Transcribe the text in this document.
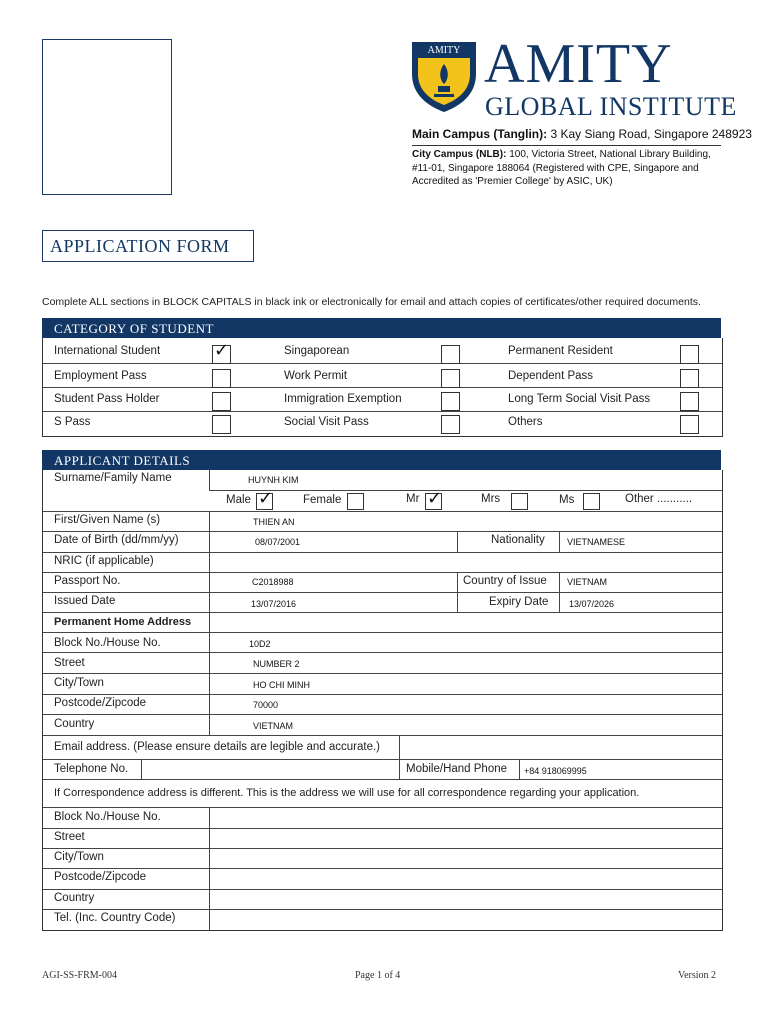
AMITY AMITY
GLOBAL INSTITUTE
Main Campus (Tanglin): 3 Kay Siang Road, Singapore 248923
City Campus (NLB): 100, Victoria Street, National Library Building, #11-01, Singapore 188064 (Registered with CPE, Singapore and Accredited as 'Premier College' by ASIC, UK)
APPLICATION FORM
Complete ALL sections in BLOCK CAPITALS in black ink or electronically for email and attach copies of certificates/other required documents.
CATEGORY OF STUDENT
APPLICANT DETAILS
Surname/Family Name	HUYNH KIM
Male ✓	Female	Mr ✓	Mrs	Ms	Other ...........
First/Given Name (s)	THIEN AN
Date of Birth (dd/mm/yy)	08/07/2001	Nationality VIETNAMESE
NRIC (if applicable)
Passport No.	C2018988	Country of Issue VIETNAM
Issued Date	13/07/2016	Expiry Date 13/07/2026
Permanent Home Address
Block No./House No.	10D2
Street	NUMBER 2
City/Town	HO CHI MINH
Postcode/Zipcode	70000
Country	VIETNAM
Email address. (Please ensure details are legible and accurate.)
Telephone No.	Mobile/Hand Phone +84 918069995
If Correspondence address is different. This is the address we will use for all correspondence regarding your application.
Block No./House No.
Street
City/Town
Postcode/Zipcode
Country
Tel. (Inc. Country Code)
AGI-SS-FRM-004	Page 1 of 4	Version 2
International Student	✓	Singaporean	Permanent Resident
Employment Pass	Work Permit	Dependent Pass
Student Pass Holder	Immigration Exemption	Long Term Social Visit Pass
S Pass	Social Visit Pass	Others
